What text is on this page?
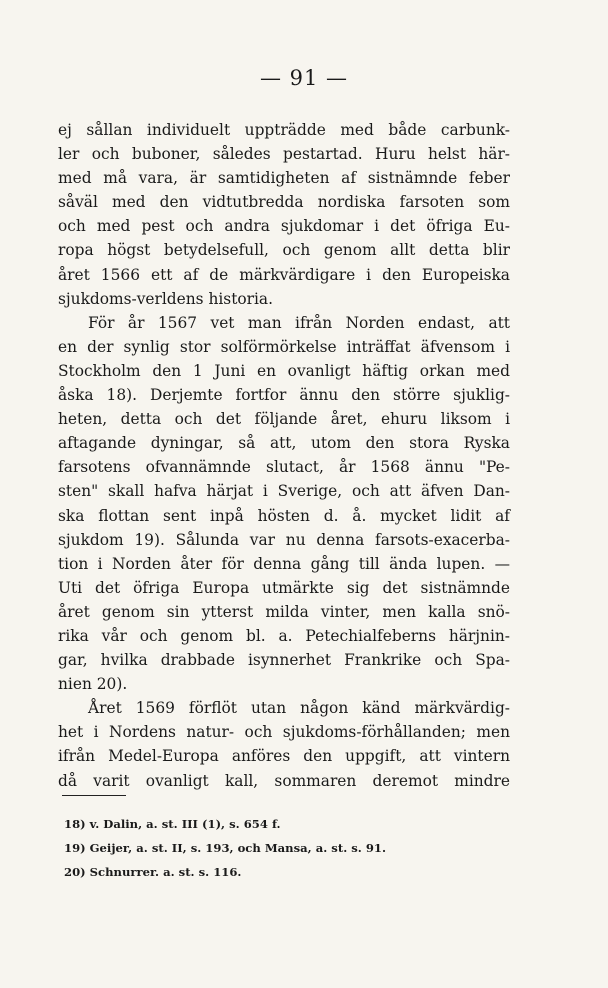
— 91 —
ej sållan individuelt uppträdde med både carbunk-
ler och buboner, således pestartad. Huru helst här-
med må vara, är samtidigheten af sistnämnde feber
såväl med den vidtutbredda nordiska farsoten som
och med pest och andra sjukdomar i det öfriga Eu-
ropa högst betydelsefull, och genom allt detta blir
året 1566 ett af de märkvärdigare i den Europeiska
sjukdoms-verldens historia.
För år 1567 vet man ifrån Norden endast, att
en der synlig stor solförmörkelse inträffat äfvensom i
Stockholm den 1 Juni en ovanligt häftig orkan med
åska 18). Derjemte fortfor ännu den större sjuklig-
heten, detta och det följande året, ehuru liksom i
aftagande dyningar, så att, utom den stora Ryska
farsotens ofvannämnde slutact, år 1568 ännu "Pe-
sten" skall hafva härjat i Sverige, och att äfven Dan-
ska flottan sent inpå hösten d. å. mycket lidit af
sjukdom 19). Sålunda var nu denna farsots-exacerba-
tion i Norden åter för denna gång till ända lupen. —
Uti det öfriga Europa utmärkte sig det sistnämnde
året genom sin ytterst milda vinter, men kalla snö-
rika vår och genom bl. a. Petechialfeberns härjnin-
gar, hvilka drabbade isynnerhet Frankrike och Spa-
nien 20).
Året 1569 förflöt utan någon känd märkvärdig-
het i Nordens natur- och sjukdoms-förhållanden; men
ifrån Medel-Europa anföres den uppgift, att vintern
då varit ovanligt kall, sommaren deremot mindre
18) v. Dalin, a. st. III (1), s. 654 f.
19) Geijer, a. st. II, s. 193, och Mansa, a. st. s. 91.
20) Schnurrer. a. st. s. 116.
